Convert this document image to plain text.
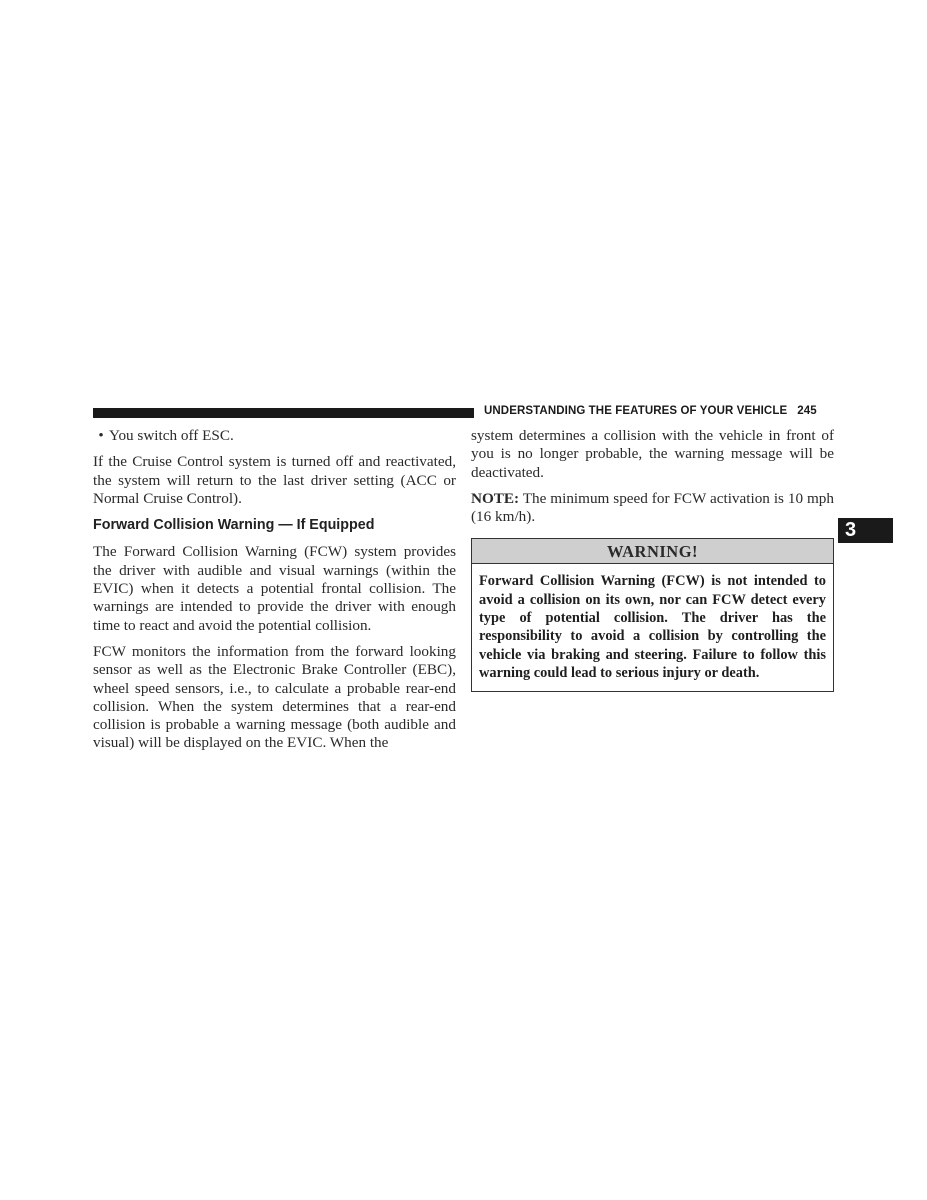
UNDERSTANDING THE FEATURES OF YOUR VEHICLE 245
3

• You switch off ESC.

If the Cruise Control system is turned off and reactivated, the system will return to the last driver setting (ACC or Normal Cruise Control).

Forward Collision Warning — If Equipped

The Forward Collision Warning (FCW) system provides the driver with audible and visual warnings (within the EVIC) when it detects a potential frontal collision. The warnings are intended to provide the driver with enough time to react and avoid the potential collision.

FCW monitors the information from the forward looking sensor as well as the Electronic Brake Controller (EBC), wheel speed sensors, i.e., to calculate a probable rear-end collision. When the system determines that a rear-end collision is probable a warning message (both audible and visual) will be displayed on the EVIC. When the

system determines a collision with the vehicle in front of you is no longer probable, the warning message will be deactivated.

NOTE: The minimum speed for FCW activation is 10 mph (16 km/h).

WARNING!
Forward Collision Warning (FCW) is not intended to avoid a collision on its own, nor can FCW detect every type of potential collision. The driver has the responsibility to avoid a collision by controlling the vehicle via braking and steering. Failure to follow this warning could lead to serious injury or death.
